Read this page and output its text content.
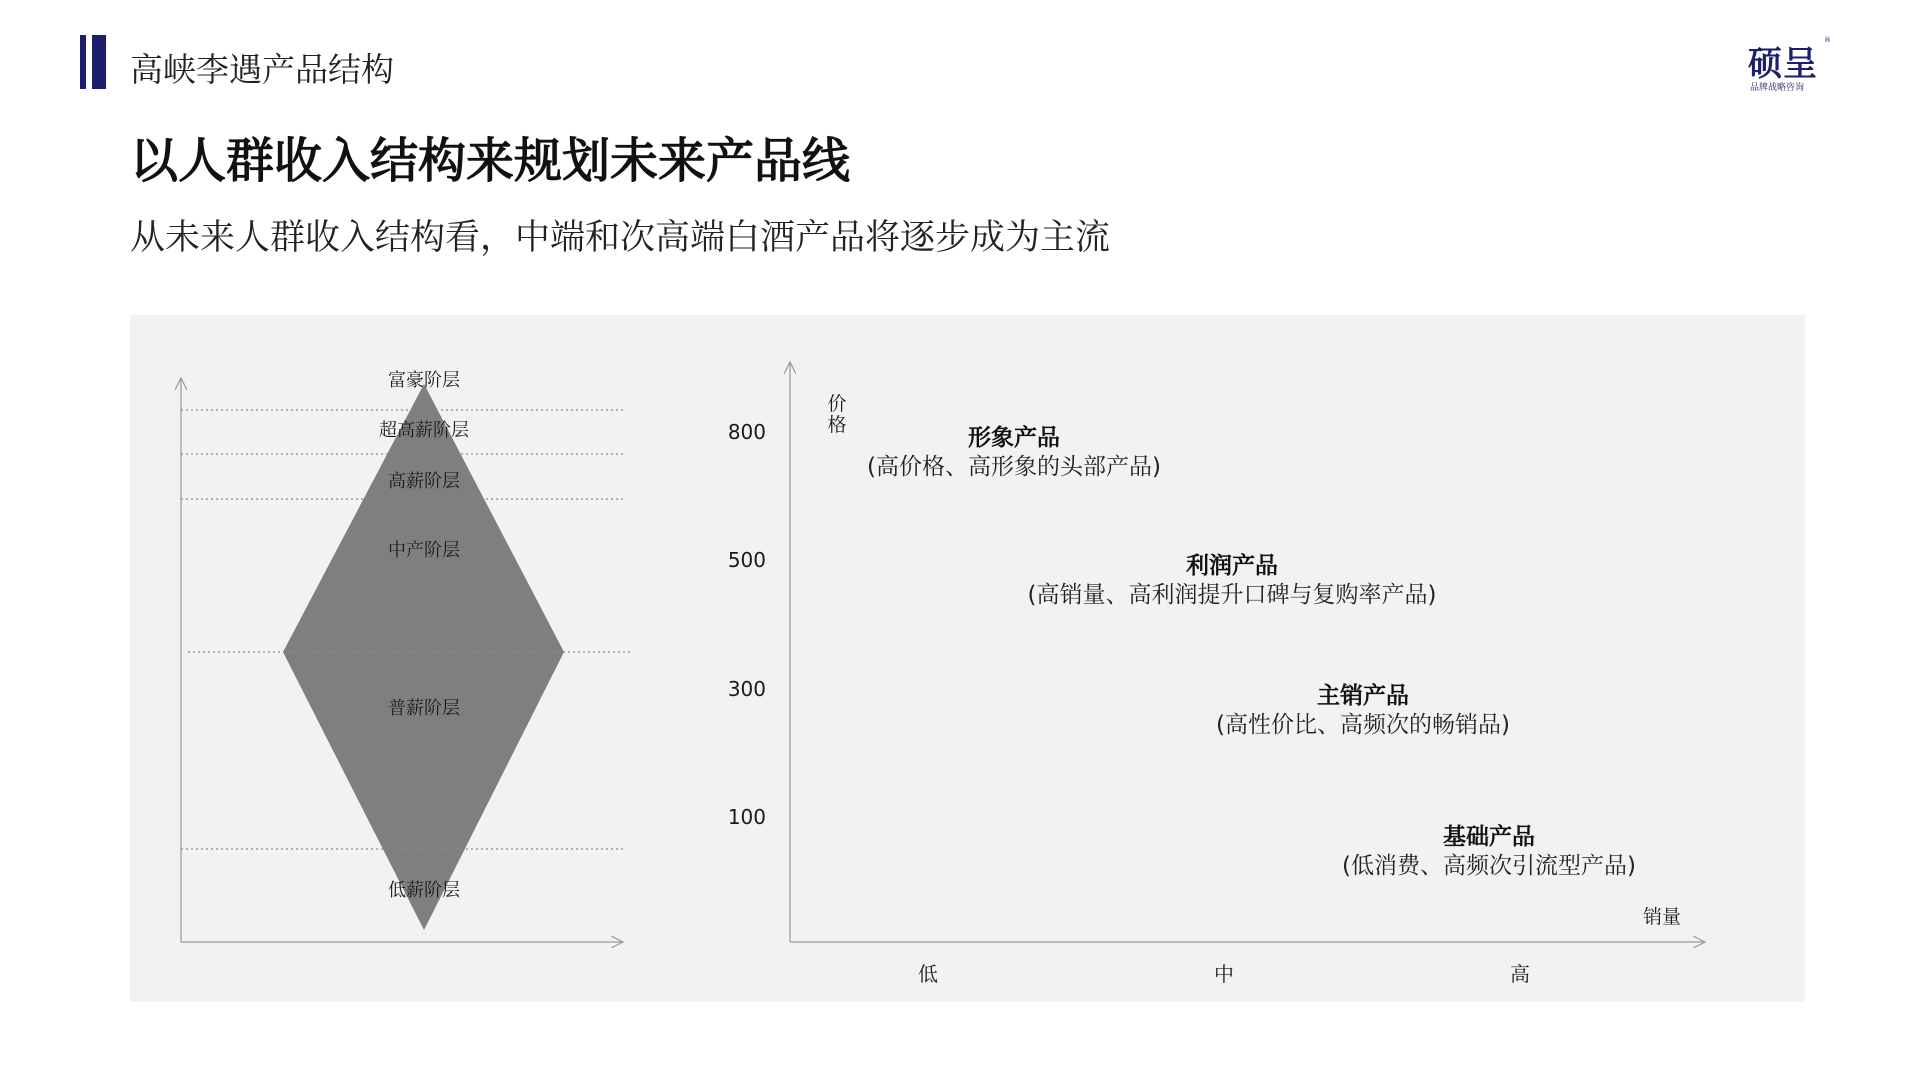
高峡李遇产品结构	硕呈
®
品牌战略咨询
以人群收入结构来规划未来产品线
从未来人群收入结构看，中端和次高端白酒产品将逐步成为主流
富豪阶层
超高薪阶层
高薪阶层
中产阶层
普薪阶层
低薪阶层
价
格
销量
800
500
300
100
低	中	高
形象产品
(高价格、高形象的头部产品)
利润产品
(高销量、高利润提升口碑与复购率产品)
主销产品
(高性价比、高频次的畅销品)
基础产品
(低消费、高频次引流型产品)
